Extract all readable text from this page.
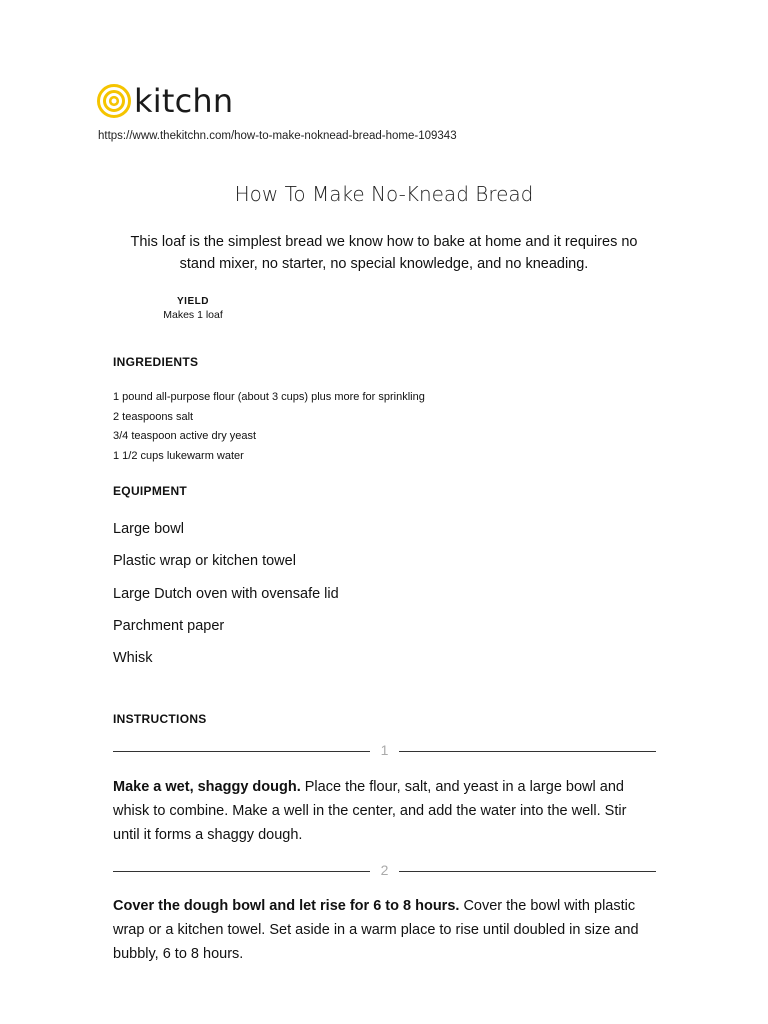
kitchn
https://www.thekitchn.com/how-to-make-noknead-bread-home-109343
How To Make No-Knead Bread
This loaf is the simplest bread we know how to bake at home and it requires no stand mixer, no starter, no special knowledge, and no kneading.
YIELD
Makes 1 loaf
INGREDIENTS
1 pound all-purpose flour (about 3 cups) plus more for sprinkling
2 teaspoons salt
3/4 teaspoon active dry yeast
1 1/2 cups lukewarm water
EQUIPMENT
Large bowl
Plastic wrap or kitchen towel
Large Dutch oven with ovensafe lid
Parchment paper
Whisk
INSTRUCTIONS
1
Make a wet, shaggy dough. Place the flour, salt, and yeast in a large bowl and whisk to combine. Make a well in the center, and add the water into the well. Stir until it forms a shaggy dough.
2
Cover the dough bowl and let rise for 6 to 8 hours. Cover the bowl with plastic wrap or a kitchen towel. Set aside in a warm place to rise until doubled in size and bubbly, 6 to 8 hours.
